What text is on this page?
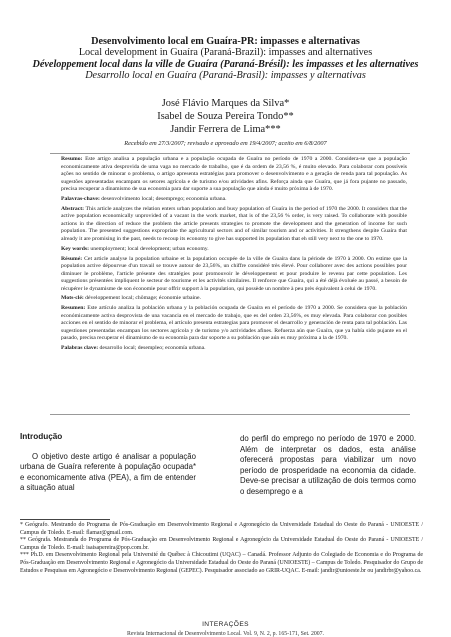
Desenvolvimento local em Guaíra-PR: impasses e alternativas
Local development in Guaíra (Paraná-Brazil): impasses and alternatives
Développement local dans la ville de Guaíra (Paraná-Brésil): les impasses et les alternatives
Desarrollo local en Guaíra (Paraná-Brasil): impasses y alternativas
José Flávio Marques da Silva*
Isabel de Souza Pereira Tondo**
Jandir Ferrera de Lima***
Recebido em 27/3/2007; revisado e aprovado em 19/4/2007; aceito em 6/8/2007

Resumo: Este artigo analisa a população urbana e a população ocupada de Guaíra no período de 1970 a 2000. Considera-se que a população economicamente ativa desprovida de uma vaga no mercado de trabalho, que é da ordem de 23,56 %, é muito elevado. Para colaborar com possíveis ações no sentido de minorar o problema, o artigo apresenta estratégias para promover o desenvolvimento e a geração de renda para tal população. As sugestões apresentadas encampam os setores agrícola e de turismo e/ou atividades afins. Reforça ainda que Guaíra, que já fora pujante no passado, precisa recuperar a dinamismo de sua economia para dar suporte a sua população que ainda é muito próxima à de 1970.

Palavras-chave: desenvolvimento local; desemprego; economia urbana.

Abstract: This article analyzes the relation enters urban population and busy population of Guaíra in the period of 1970 the 2000. It considers that the active population economically unprovided of a vacant in the work market, that is of the 23,56 % order, is very raised. To collaborate with possible actions in the direction of reduce the problem the article presents strategies to promote the development and the generation of income for such population. The presented suggestions expropriate the agricultural sectors and of similar tourism and or activities. It strengthens despite Guaíra that already it are promising in the past, needs to recoup its economy to give has supported its population that eh still very next to the one to 1970.

Key words: unemployment; local development; urban economy.

Résumé: Cet article analyse la population urbaine et la population occupée de la ville de Guaíra dans la période de 1970 à 2000. On estime que la population active dépourvue d'un travail se trouve autour de 23,56%, un chiffre considéré très élevé. Pour collaborer avec des actions possibles pour diminuer le problème, l'article présente des stratégies pour promouvoir le développement et pour produire le revenu par cette population. Les suggestions présentées impliquent le secteur de tourisme et les activités similaires. Il renforce que Guaíra, qui a été déjà évoluée au passé, a besoin de récupérer le dynamisme de son économie pour offrir support à la population, qui possède un nombre à peu près équivalent à celui de 1970.

Mots-clé: développement local; chômage; économie urbaine.

Resumen: Este artículo analiza la población urbana y la población ocupada de Guaíra en el período de 1970 a 2000. Se considera que la población económicamente activa desprovista de una vacancia en el mercado de trabajo, que es del orden 23,56%, es muy elevada. Para colaborar con posibles acciones en el sentido de minorar el problema, el artículo presenta estrategias para promover el desarrollo y generación de renta para tal población. Las sugestiones presentadas encampan los sectores agrícola y de turismo y/o actividades afines. Refuerza aún que Guaíra, que ya había sido pujante en el pasado, precisa recuperar el dinamismo de su economía para dar soporte a su población que aún es muy próxima a la de 1970.

Palabras clave: desarrollo local; desempleo; economía urbana.

Introdução

O objetivo deste artigo é analisar a população urbana de Guaíra referente à população ocupada* e economicamente ativa (PEA), a fim de entender a situação atual

do perfil do emprego no período de 1970 e 2000. Além de interpretar os dados, esta análise oferecerá propostas para viabilizar um novo período de prosperidade na economia da cidade. Deve-se precisar a utilização de dois termos como o desemprego e a

* Geógrafo. Mestrando do Programa de Pós-Graduação em Desenvolvimento Regional e Agronegócio da Universidade Estadual do Oeste do Paraná - UNIOESTE / Campus de Toledo. E-mail: flamar@gmail.com.

** Geógrafa. Mestranda do Programa de Pós-Graduação em Desenvolvimento Regional e Agronegócio da Universidade Estadual do Oeste do Paraná - UNIOESTE / Campus de Toledo. E-mail: isaisapereira@pop.com.br.

*** Ph.D. em Desenvolvimento Regional pela Université du Québec à Chicoutimi (UQAC) – Canadá. Professor Adjunto do Colegiado de Economia e do Programa de Pós-Graduação em Desenvolvimento Regional e Agronegócio da Universidade Estadual do Oeste do Paraná (UNIOESTE) – Campus de Toledo. Pesquisador do Grupo de Estudos e Pesquisas em Agronegócio e Desenvolvimento Regional (GEPEC). Pesquisador associado ao GRIR-UQAC. E-mail: jandir@unioeste.br ou jandirbr@yahoo.ca.

INTERAÇÕES
Revista Internacional de Desenvolvimento Local. Vol. 9, N. 2, p. 165-171, Set. 2007.
